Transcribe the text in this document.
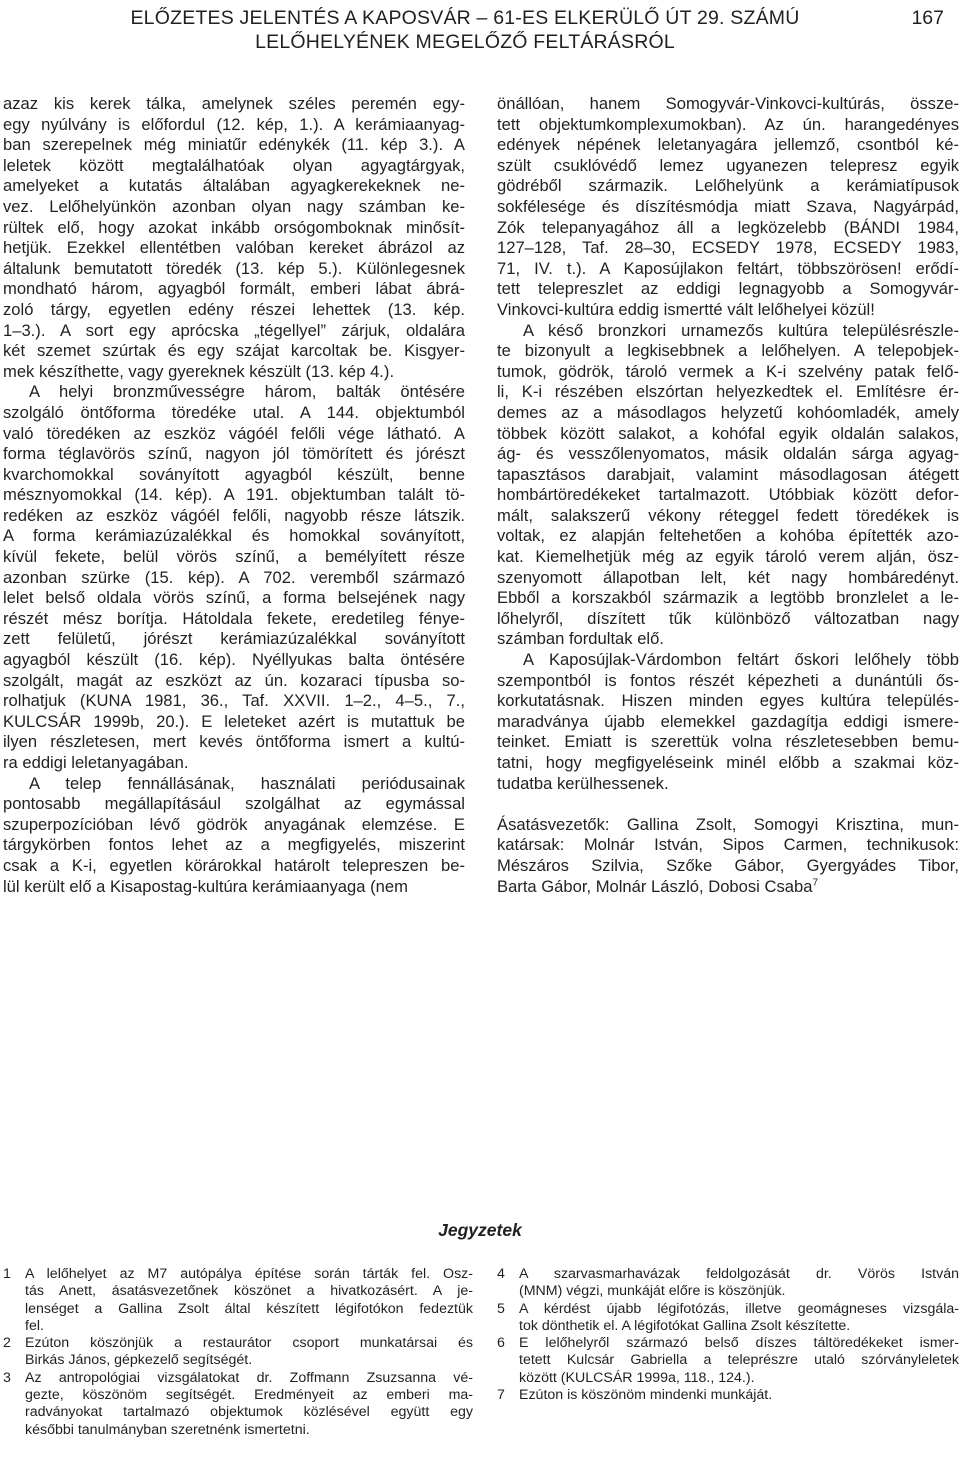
ELŐZETES JELENTÉS A KAPOSVÁR – 61-ES ELKERÜLŐ ÚT 29. SZÁMÚ
LELŐHELYÉNEK MEGELŐZŐ FELTÁRÁSRÓL
167
azaz kis kerek tálka, amelynek széles peremén egy-
egy nyúlvány is előfordul (12. kép, 1.). A kerámiaanyag-
ban szerepelnek még miniatűr edénykék (11. kép 3.). A
leletek között megtalálhatóak olyan agyagtárgyak,
amelyeket a kutatás általában agyagkerekeknek ne-
vez. Lelőhelyünkön azonban olyan nagy számban ke-
rültek elő, hogy azokat inkább orsógomboknak minősít-
hetjük. Ezekkel ellentétben valóban kereket ábrázol az
általunk bemutatott töredék (13. kép 5.). Különlegesnek
mondható három, agyagból formált, emberi lábat ábrá-
zoló tárgy, egyetlen edény részei lehettek (13. kép.
1–3.). A sort egy aprócska „tégellyel” zárjuk, oldalára
két szemet szúrtak és egy szájat karcoltak be. Kisgyer-
mek készíthette, vagy gyereknek készült (13. kép 4.).
A helyi bronzművességre három, balták öntésére
szolgáló öntőforma töredéke utal. A 144. objektumból
való töredéken az eszköz vágóél felőli vége látható. A
forma téglavörös színű, nagyon jól tömörített és jórészt
kvarchomokkal soványított agyagból készült, benne
mésznyomokkal (14. kép). A 191. objektumban talált tö-
redéken az eszköz vágóél felőli, nagyobb része látszik.
A forma kerámiazúzalékkal és homokkal soványított,
kívül fekete, belül vörös színű, a bemélyített része
azonban szürke (15. kép). A 702. veremből származó
lelet belső oldala vörös színű, a forma belsejének nagy
részét mész borítja. Hátoldala fekete, eredetileg fénye-
zett felületű, jórészt kerámiazúzalékkal soványított
agyagból készült (16. kép). Nyéllyukas balta öntésére
szolgált, magát az eszközt az ún. kozaraci típusba so-
rolhatjuk (KUNA 1981, 36., Taf. XXVII. 1–2., 4–5., 7.,
KULCSÁR 1999b, 20.). E leleteket azért is mutattuk be
ilyen részletesen, mert kevés öntőforma ismert a kultú-
ra eddigi leletanyagában.
A telep fennállásának, használati periódusainak
pontosabb megállapításául szolgálhat az egymással
szuperpozícióban lévő gödrök anyagának elemzése. E
tárgykörben fontos lehet az a megfigyelés, miszerint
csak a K-i, egyetlen körárokkal határolt telepreszen be-
lül került elő a Kisapostag-kultúra kerámiaanyaga (nem
önállóan, hanem Somogyvár-Vinkovci-kultúrás, össze-
tett objektumkomplexumokban). Az ún. harangedényes
edények népének leletanyagára jellemző, csontból ké-
szült csuklóvédő lemez ugyanezen telepresz egyik
gödréből származik. Lelőhelyünk a kerámiatípusok
sokfélesége és díszítésmódja miatt Szava, Nagyárpád,
Zók telepanyagához áll a legközelebb (BÁNDI 1984,
127–128, Taf. 28–30, ECSEDY 1978, ECSEDY 1983,
71, IV. t.). A Kaposújlakon feltárt, többszörösen! erődí-
tett telepreszlet az eddigi legnagyobb a Somogyvár-
Vinkovci-kultúra eddig ismertté vált lelőhelyei közül!
A késő bronzkori urnamezős kultúra településrészle-
te bizonyult a legkisebbnek a lelőhelyen. A telepobjek-
tumok, gödrök, tároló vermek a K-i szelvény patak felő-
li, K-i részében elszórtan helyezkedtek el. Említésre ér-
demes az a másodlagos helyzetű kohóomladék, amely
többek között salakot, a kohófal egyik oldalán salakos,
ág- és vesszőlenyomatos, másik oldalán sárga agyag-
tapasztásos darabjait, valamint másodlagosan átégett
hombártöredékeket tartalmazott. Utóbbiak között defor-
mált, salakszerű vékony réteggel fedett töredékek is
voltak, ez alapján feltehetően a kohóba építették azo-
kat. Kiemelhetjük még az egyik tároló verem alján, ösz-
szenyomott állapotban lelt, két nagy hombáredényt.
Ebből a korszakból származik a legtöbb bronzlelet a le-
lőhelyről, díszített tűk különböző változatban nagy
számban fordultak elő.
A Kaposújlak-Várdombon feltárt őskori lelőhely több
szempontból is fontos részét képezheti a dunántúli ős-
korkutatásnak. Hiszen minden egyes kultúra település-
maradványa újabb elemekkel gazdagítja eddigi ismere-
teinket. Emiatt is szerettük volna részletesebben bemu-
tatni, hogy megfigyeléseink minél előbb a szakmai köz-
tudatba kerülhessenek.
Ásatásvezetők: Gallina Zsolt, Somogyi Krisztina, mun-
katársak: Molnár István, Sipos Carmen, technikusok:
Mészáros Szilvia, Szőke Gábor, Gyergyádes Tibor,
Barta Gábor, Molnár László, Dobosi Csaba$^7$
Jegyzetek
1 A lelőhelyet az M7 autópálya építése során tárták fel. Osz-
tás Anett, ásatásvezetőnek köszönet a hivatkozásért. A je-
lenséget a Gallina Zsolt által készített légifotókon fedeztük
fel.
2 Ezúton köszönjük a restaurátor csoport munkatársai és
Birkás János, gépkezelő segítségét.
3 Az antropológiai vizsgálatokat dr. Zoffmann Zsuzsanna vé-
gezte, köszönöm segítségét. Eredményeit az emberi ma-
radványokat tartalmazó objektumok közlésével együtt egy
későbbi tanulmányban szeretnénk ismertetni.
4 A szarvasmarhavázak feldolgozását dr. Vörös István
(MNM) végzi, munkáját előre is köszönjük.
5 A kérdést újabb légifotózás, illetve geomágneses vizsgála-
tok dönthetik el. A légifotókat Gallina Zsolt készítette.
6 E lelőhelyről származó belső díszes táltöredékeket ismer-
tetett Kulcsár Gabriella a teleprészre utaló szórványleletek
között (KULCSÁR 1999a, 118., 124.).
7 Ezúton is köszönöm mindenki munkáját.
